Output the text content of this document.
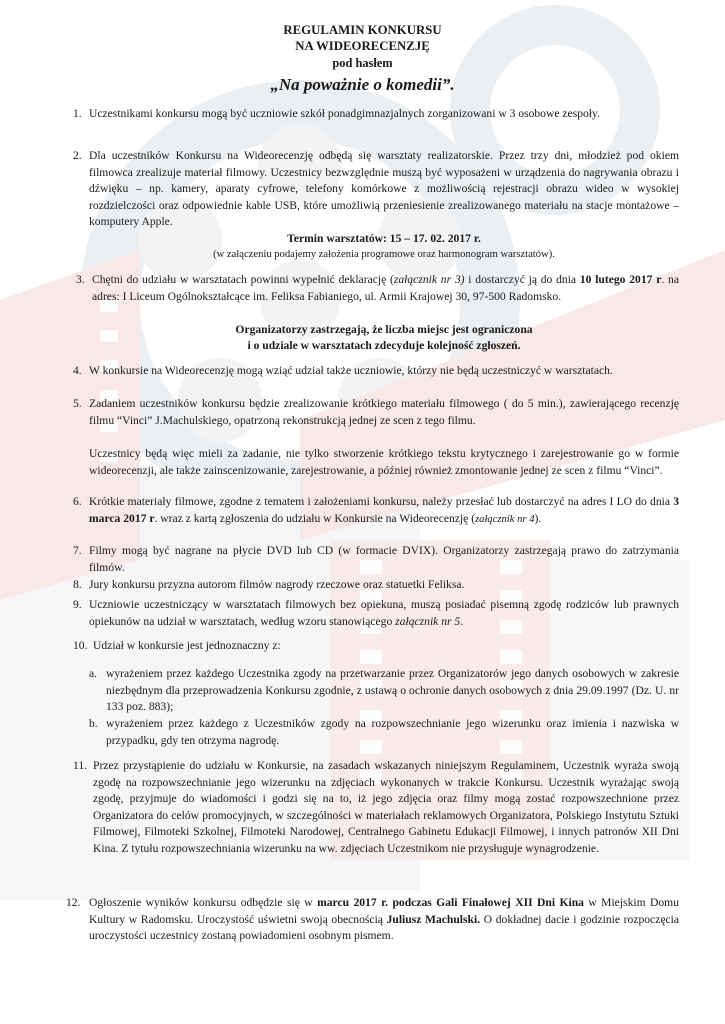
REGULAMIN KONKURSU
NA WIDEORECENZJĘ
pod hasłem
„Na poważnie o komedii”.
1. Uczestnikami konkursu mogą być uczniowie szkół ponadgimnazjalnych zorganizowani w 3 osobowe zespoły.

2. Dla uczestników Konkursu na Wideorecenzję odbędą się warsztaty realizatorskie. Przez trzy dni, młodzież pod okiem filmowca zrealizuje materiał filmowy. Uczestnicy bezwzględnie muszą być wyposażeni w urządzenia do nagrywania obrazu i dźwięku – np. kamery, aparaty cyfrowe, telefony komórkowe z możliwością rejestracji obrazu wideo w wysokiej rozdzielczości oraz odpowiednie kable USB, które umożliwią przeniesienie zrealizowanego materiału na stacje montażowe – komputery Apple.

Termin warsztatów: 15 – 17. 02. 2017 r.
(w załączeniu podajemy założenia programowe oraz harmonogram warsztatów).
3. Chętni do udziału w warsztatach powinni wypełnić deklarację (załącznik nr 3) i dostarczyć ją do dnia 10 lutego 2017 r. na adres: I Liceum Ogólnokształcące im. Feliksa Fabianiego, ul. Armii Krajowej 30, 97-500 Radomsko.

Organizatorzy zastrzegają, że liczba miejsc jest ograniczona
i o udziale w warsztatach zdecyduje kolejność zgłoszeń.
4. W konkursie na Wideorecenzję mogą wziąć udział także uczniowie, którzy nie będą uczestniczyć w warsztatach.

5. Zadaniem uczestników konkursu będzie zrealizowanie krótkiego materiału filmowego ( do 5 min.), zawierającego recenzję filmu “Vinci” J.Machulskiego, opatrzoną rekonstrukcją jednej ze scen z tego filmu.

Uczestnicy będą więc mieli za zadanie, nie tylko stworzenie krótkiego tekstu krytycznego i zarejestrowanie go w formie wideorecenzji, ale także zainscenizowanie, zarejestrowanie, a później również zmontowanie jednej ze scen z filmu “Vinci”.

6. Krótkie materiały filmowe, zgodne z tematem i założeniami konkursu, należy przesłać lub dostarczyć na adres I LO do dnia 3 marca 2017 r. wraz z kartą zgłoszenia do udziału w Konkursie na Wideorecenzję (załącznik nr 4).

7. Filmy mogą być nagrane na płycie DVD lub CD (w formacie DVIX). Organizatorzy zastrzegają prawo do zatrzymania filmów.

8. Jury konkursu przyzna autorom filmów nagrody rzeczowe oraz statuetki Feliksa.

9. Uczniowie uczestniczący w warsztatach filmowych bez opiekuna, muszą posiadać pisemną zgodę rodziców lub prawnych opiekunów na udział w warsztatach, według wzoru stanowiącego załącznik nr 5.

10. Udział w konkursie jest jednoznaczny z:

a. wyrażeniem przez każdego Uczestnika zgody na przetwarzanie przez Organizatorów jego danych osobowych w zakresie niezbędnym dla przeprowadzenia Konkursu zgodnie, z ustawą o ochronie danych osobowych z dnia 29.09.1997 (Dz. U. nr 133 poz. 883);

b. wyrażeniem przez każdego z Uczestników zgody na rozpowszechnianie jego wizerunku oraz imienia i nazwiska w przypadku, gdy ten otrzyma nagrodę.

11. Przez przystąpienie do udziału w Konkursie, na zasadach wskazanych niniejszym Regulaminem, Uczestnik wyraża swoją zgodę na rozpowszechnianie jego wizerunku na zdjęciach wykonanych w trakcie Konkursu. Uczestnik wyrażając swoją zgodę, przyjmuje do wiadomości i godzi się na to, iż jego zdjęcia oraz filmy mogą zostać rozpowszechnione przez Organizatora do celów promocyjnych, w szczególności w materiałach reklamowych Organizatora, Polskiego Instytutu Sztuki Filmowej, Filmoteki Szkolnej, Filmoteki Narodowej, Centralnego Gabinetu Edukacji Filmowej, i innych patronów XII Dni Kina. Z tytułu rozpowszechniania wizerunku na ww. zdjęciach Uczestnikom nie przysługuje wynagrodzenie.

12. Ogłoszenie wyników konkursu odbędzie się w marcu 2017 r. podczas Gali Finałowej XII Dni Kina w Miejskim Domu Kultury w Radomsku. Uroczystość uświetni swoją obecnością Juliusz Machulski. O dokładnej dacie i godzinie rozpoczęcia uroczystości uczestnicy zostaną powiadomieni osobnym pismem.
